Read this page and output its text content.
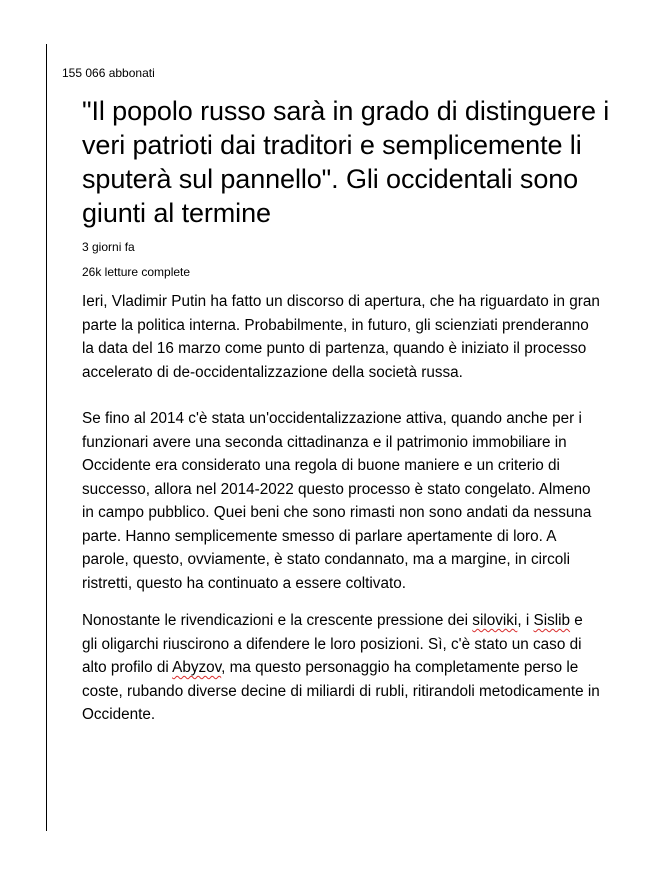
155 066 abbonati

"Il popolo russo sarà in grado di distinguere i veri patrioti dai traditori e semplicemente li sputerà sul pannello". Gli occidentali sono giunti al termine

3 giorni fa

26k letture complete

Ieri, Vladimir Putin ha fatto un discorso di apertura, che ha riguardato in gran parte la politica interna. Probabilmente, in futuro, gli scienziati prenderanno la data del 16 marzo come punto di partenza, quando è iniziato il processo accelerato di de-occidentalizzazione della società russa.

Se fino al 2014 c'è stata un'occidentalizzazione attiva, quando anche per i funzionari avere una seconda cittadinanza e il patrimonio immobiliare in Occidente era considerato una regola di buone maniere e un criterio di successo, allora nel 2014-2022 questo processo è stato congelato. Almeno in campo pubblico. Quei beni che sono rimasti non sono andati da nessuna parte. Hanno semplicemente smesso di parlare apertamente di loro. A parole, questo, ovviamente, è stato condannato, ma a margine, in circoli ristretti, questo ha continuato a essere coltivato.

Nonostante le rivendicazioni e la crescente pressione dei siloviki, i Sislib e gli oligarchi riuscirono a difendere le loro posizioni. Sì, c'è stato un caso di alto profilo di Abyzov, ma questo personaggio ha completamente perso le coste, rubando diverse decine di miliardi di rubli, ritirandoli metodicamente in Occidente.
